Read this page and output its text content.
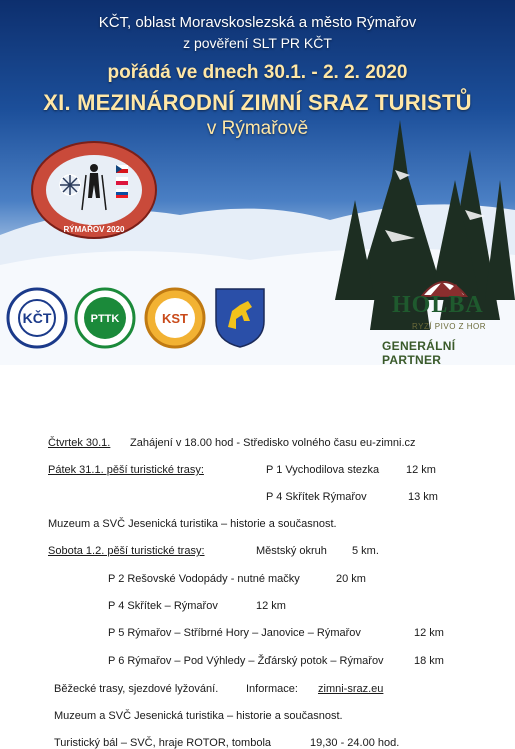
KČT, oblast Moravskoslezská a město Rýmařov
z pověření SLT PR KČT
pořádá ve dnech 30.1. - 2. 2. 2020
XI. MEZINÁRODNÍ ZIMNÍ SRAZ TURISTŮ
v Rýmařově
RÝMAŘOV 2020
KČT	PTTK	KST
HOLBA
RYZÍ PIVO Z HOR
GENERÁLNÍ PARTNER
Čtvrtek 30.1. Zahájení v 18.00 hod - Středisko volného času eu-zimni.cz
Pátek 31.1. pěší turistické trasy:	P 1 Vychodilova stezka 12 km
P 4 Skřítek Rýmařov	13 km
Muzeum a SVČ Jesenická turistika – historie a současnost.
Sobota 1.2. pěší turistické trasy:	Městský okruh 5 km.
P 2 Rešovské Vodopády - nutné mačky	20 km
P 4 Skřítek – Rýmařov	12 km
P 5 Rýmařov – Stříbrné Hory – Janovice – Rýmařov	12 km
P 6 Rýmařov – Pod Výhledy – Žďárský potok – Rýmařov	18 km
Běžecké trasy, sjezdové lyžování.	Informace: zimni-sraz.eu
Muzeum a SVČ Jesenická turistika – historie a současnost.
Turistický bál – SVČ, hraje ROTOR, tombola	19,30 - 24.00 hod.
